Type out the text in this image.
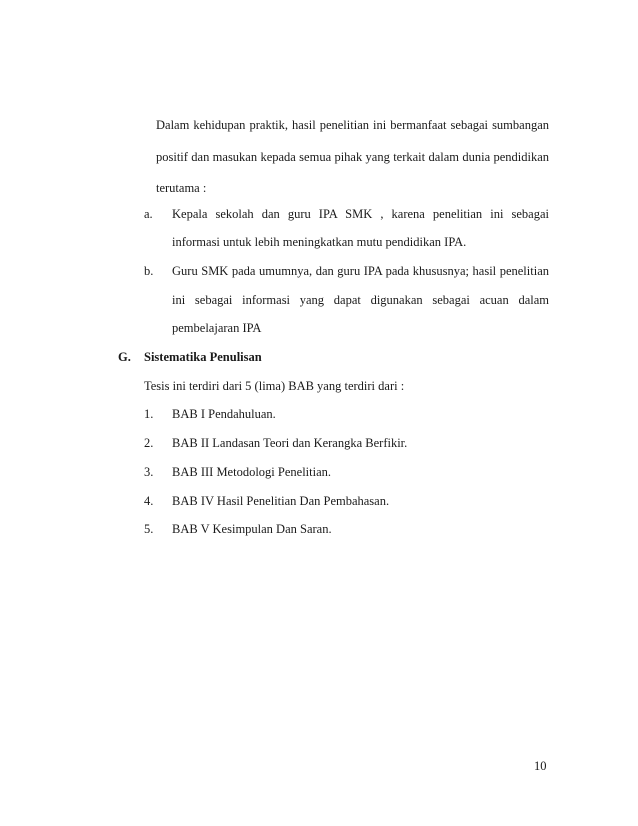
Dalam kehidupan praktik, hasil penelitian ini bermanfaat sebagai sumbangan
positif dan masukan kepada semua pihak yang terkait dalam dunia pendidikan
terutama :
a. Kepala sekolah dan guru IPA SMK , karena penelitian ini sebagai
informasi untuk lebih meningkatkan mutu pendidikan IPA.
b. Guru SMK pada umumnya, dan guru IPA pada khususnya; hasil penelitian
ini sebagai informasi yang dapat digunakan sebagai acuan dalam
pembelajaran IPA
G. Sistematika Penulisan
Tesis ini terdiri dari 5 (lima) BAB yang terdiri dari :
1. BAB I Pendahuluan.
2. BAB II Landasan Teori dan Kerangka Berfikir.
3. BAB III Metodologi Penelitian.
4. BAB IV Hasil Penelitian Dan Pembahasan.
5. BAB V Kesimpulan Dan Saran.
10
